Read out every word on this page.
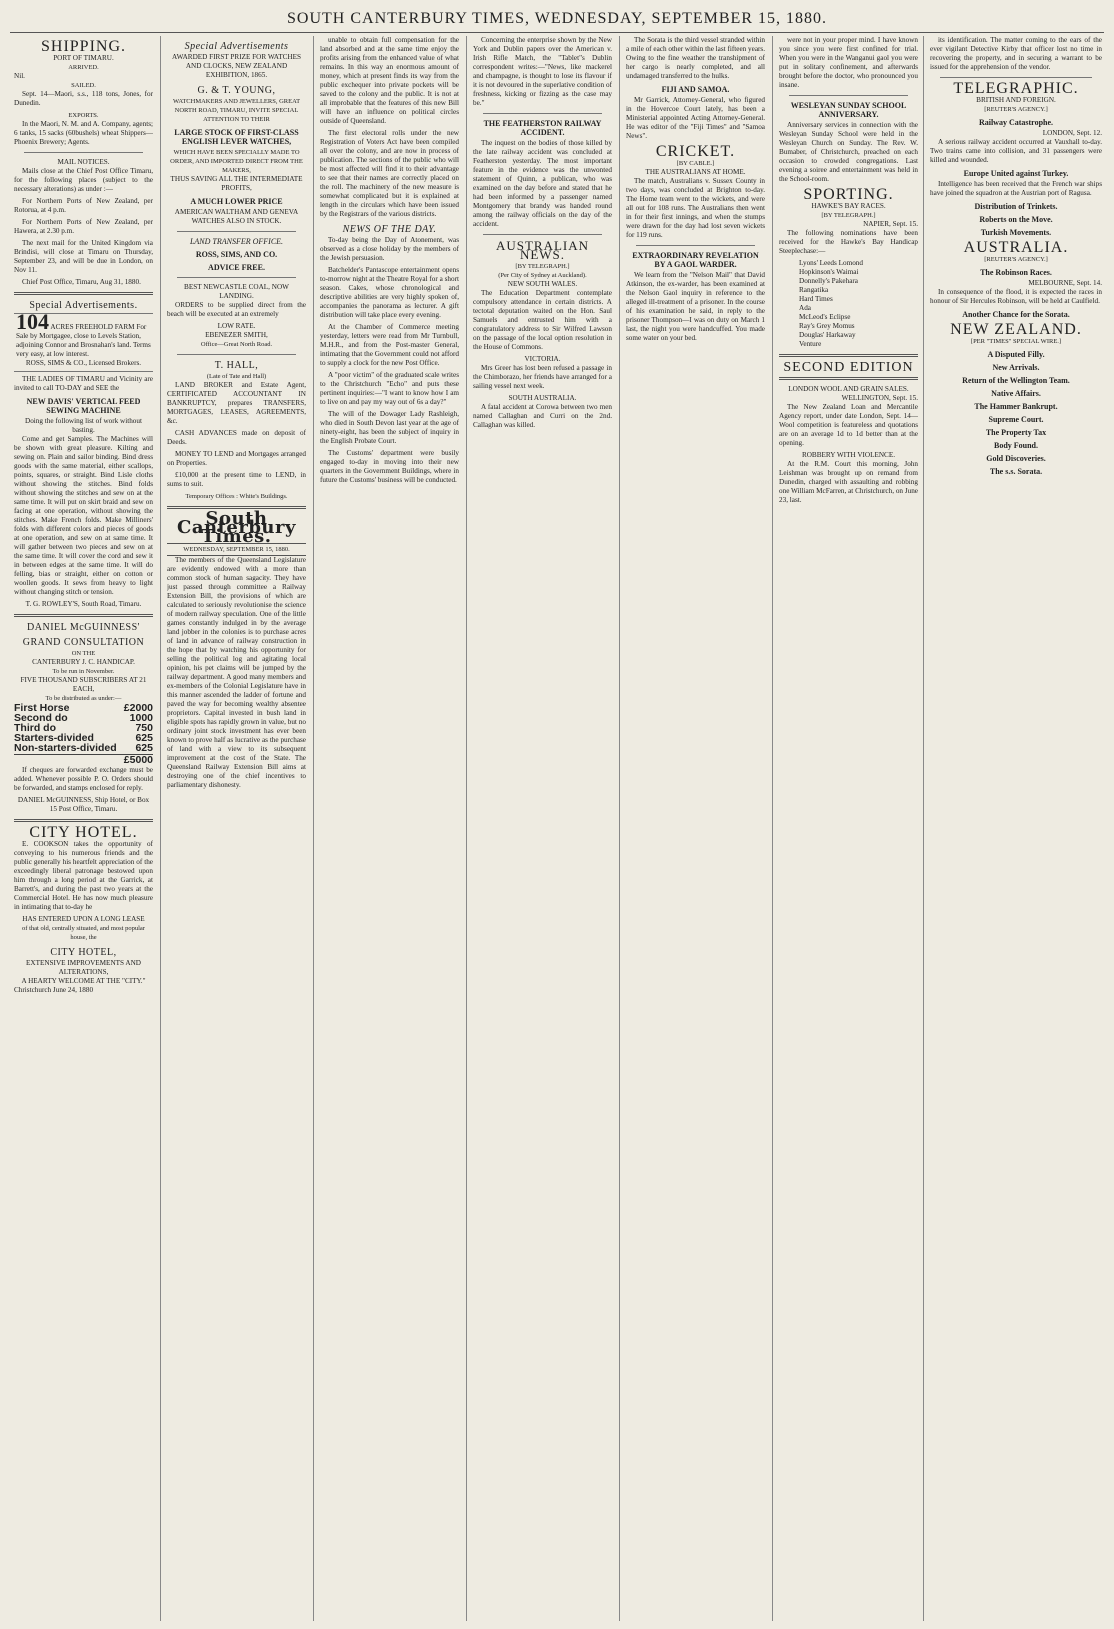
SOUTH CANTERBURY TIMES, WEDNESDAY, SEPTEMBER 15, 1880.
SHIPPING.
PORT OF TIMARU.
ARRIVED.
Nil.
SAILED.

Sept. 14—Maori, s.s., 118 tons, Jones, for Dunedin.

EXPORTS.

In the Maori, N. M. and A. Company, agents; 6 tanks, 15 sacks (60bushels) wheat Shippers—Phoenix Brewery; Agents.

MAIL NOTICES.

Mails close at the Chief Post Office Timaru, for the following places (subject to the necessary alterations) as under :—

For Northern Ports of New Zealand, per Rotorua, at 4 p.m.

For Northern Ports of New Zealand, per Hawera, at 2.30 p.m.

The next mail for the United Kingdom via Brindisi, will close at Timaru on Thursday, September 23, and will be due in London, on Nov 11.

Chief Post Office, Timaru, Aug 31, 1880.

Special Advertisements.
104 ACRES FREEHOLD FARM For Sale by Mortgagee, close to Levels Station, adjoining Connor and Brosnahan's land. Terms very easy, at low interest.
ROSS, SIMS & CO., Licensed Brokers.

THE LADIES OF TIMARU and Vicinity are invited to call TO-DAY and SEE the

NEW DAVIS' VERTICAL FEED SEWING MACHINE
Doing the following list of work without basting.

Come and get Samples. The Machines will be shown with great pleasure. Kilting and sewing on. Plain and sailor binding. Bind dress goods with the same material, either scallops, points, squares, or straight. Bind Lisle cloths without showing the stitches. Bind folds without showing the stitches and sew on at the same time. It will put on skirt braid and sew on facing at one operation, without showing the stitches. Make French folds. Make Milliners' folds with different colors and pieces of goods at one operation, and sew on at same time. It will gather between two pieces and sew on at the same time. It will cover the cord and sew it in between edges at the same time. It will do felling, bias or straight, either on cotton or woollen goods. It sews from heavy to light without changing stitch or tension.

T. G. ROWLEY'S, South Road, Timaru.
DANIEL McGUINNESS'
GRAND CONSULTATION
ON THE
CANTERBURY J. C. HANDICAP.
To be run in November.
FIVE THOUSAND SUBSCRIBERS AT 21 EACH,
To be distributed as under:—
First Horse	£2000
Second do	1000
Third do	750
Starters-divided	625
Non-starters-divided 625
£5000

If cheques are forwarded exchange must be added. Whenever possible P. O. Orders should be forwarded, and stamps enclosed for reply.

DANIEL McGUINNESS, Ship Hotel, or Box 15 Post Office, Timaru.
CITY HOTEL.

E. COOKSON takes the opportunity of conveying to his numerous friends and the public generally his heartfelt appreciation of the exceedingly liberal patronage bestowed upon him through a long period at the Garrick, at Barrett's, and during the past two years at the Commercial Hotel. He has now much pleasure in intimating that to-day he

HAS ENTERED UPON A LONG LEASE
of that old, centrally situated, and most popular house, the
CITY HOTEL,
EXTENSIVE IMPROVEMENTS AND ALTERATIONS,
A HEARTY WELCOME AT THE "CITY."
Christchurch June 24, 1880
Special Advertisements
AWARDED FIRST PRIZE FOR WATCHES AND CLOCKS, NEW ZEALAND EXHIBITION, 1865.
G. & T. YOUNG,
WATCHMAKERS AND JEWELLERS, GREAT NORTH ROAD, TIMARU, INVITE SPECIAL ATTENTION TO THEIR
LARGE STOCK OF FIRST-CLASS ENGLISH LEVER WATCHES,
WHICH HAVE BEEN SPECIALLY MADE TO ORDER, AND IMPORTED DIRECT FROM THE MAKERS,
THUS SAVING ALL THE INTERMEDIATE PROFITS,
A MUCH LOWER PRICE
AMERICAN WALTHAM AND GENEVA WATCHES ALSO IN STOCK.
LAND TRANSFER OFFICE.
ROSS, SIMS, AND CO.
ADVICE FREE.
BEST NEWCASTLE COAL, NOW LANDING.

ORDERS to be supplied direct from the beach will be executed at an extremely

LOW RATE.
EBENEZER SMITH,
Office—Great North Road.
T. HALL,
(Late of Tate and Hall)

LAND BROKER and Estate Agent, CERTIFICATED ACCOUNTANT IN BANKRUPTCY, prepares TRANSFERS, MORTGAGES, LEASES, AGREEMENTS, &c.

CASH ADVANCES made on deposit of Deeds.

MONEY TO LEND and Mortgages arranged on Properties.

£10,000 at the present time to LEND, in sums to suit.

Temporary Offices : White's Buildings.
South Canterbury Times.
WEDNESDAY, SEPTEMBER 15, 1880.

The members of the Queensland Legislature are evidently endowed with a more than common stock of human sagacity. They have just passed through committee a Railway Extension Bill, the provisions of which are calculated to seriously revolutionise the science of modern railway speculation. One of the little games constantly indulged in by the average land jobber in the colonies is to purchase acres of land in advance of railway construction in the hope that by watching his opportunity for selling the political log and agitating local opinion, his pet claims will be jumped by the railway department. A good many members and ex-members of the Colonial Legislature have in this manner ascended the ladder of fortune and paved the way for becoming wealthy absentee proprietors. Capital invested in bush land in eligible spots has rapidly grown in value, but no ordinary joint stock investment has ever been known to prove half as lucrative as the purchase of land with a view to its subsequent improvement at the cost of the State. The Queensland Railway Extension Bill aims at destroying one of the chief incentives to parliamentary dishonesty.

unable to obtain full compensation for the land absorbed and at the same time enjoy the profits arising from the enhanced value of what remains. In this way an enormous amount of money, which at present finds its way from the public exchequer into private pockets will be saved to the colony and the public. It is not at all improbable that the features of this new Bill will have an influence on political circles outside of Queensland.

The first electoral rolls under the new Registration of Voters Act have been compiled all over the colony, and are now in process of publication. The sections of the public who will be most affected will find it to their advantage to see that their names are correctly placed on the roll. The machinery of the new measure is somewhat complicated but it is explained at length in the circulars which have been issued by the Registrars of the various districts.

NEWS OF THE DAY.

To-day being the Day of Atonement, was observed as a close holiday by the members of the Jewish persuasion.

Batchelder's Pantascope entertainment opens to-morrow night at the Theatre Royal for a short season. Cakes, whose chronological and descriptive abilities are very highly spoken of, accompanies the panorama as lecturer. A gift distribution will take place every evening.

At the Chamber of Commerce meeting yesterday, letters were read from Mr Turnbull, M.H.R., and from the Post-master General, intimating that the Government could not afford to supply a clock for the new Post Office.

A "poor victim" of the graduated scale writes to the Christchurch "Echo" and puts these pertinent inquiries:—"I want to know how I am to live on and pay my way out of 6s a day?"

The will of the Dowager Lady Rashleigh, who died in South Devon last year at the age of ninety-eight, has been the subject of inquiry in the English Probate Court.

The Customs' department were busily engaged to-day in moving into their new quarters in the Government Buildings, where in future the Customs' business will be conducted.

Concerning the enterprise shown by the New York and Dublin papers over the American v. Irish Rifle Match, the "Tablet"s Dublin correspondent writes:—"News, like mackerel and champagne, is thought to lose its flavour if it is not devoured in the superlative condition of freshness, kicking or fizzing as the case may be."

THE FEATHERSTON RAILWAY ACCIDENT.

The inquest on the bodies of those killed by the late railway accident was concluded at Featherston yesterday. The most important feature in the evidence was the unwonted statement of Quinn, a publican, who was examined on the day before and stated that he had been informed by a passenger named Montgomery that brandy was handed round among the railway officials on the day of the accident.

AUSTRALIAN NEWS.
[BY TELEGRAPH.]
(Per City of Sydney at Auckland).
NEW SOUTH WALES.

The Education Department contemplate compulsory attendance in certain districts. A tectotal deputation waited on the Hon. Saul Samuels and entrusted him with a congratulatory address to Sir Wilfred Lawson on the passage of the local option resolution in the House of Commons.

VICTORIA.

Mrs Greer has lost been refused a passage in the Chimborazo, her friends have arranged for a sailing vessel next week.

SOUTH AUSTRALIA.

A fatal accident at Corowa between two men named Callaghan and Curri on the 2nd. Callaghan was killed.

The Sorata is the third vessel stranded within a mile of each other within the last fifteen years. Owing to the fine weather the transhipment of her cargo is nearly completed, and all undamaged transferred to the hulks.

FIJI AND SAMOA.

Mr Garrick, Attorney-General, who figured in the Hovercoe Court lately, has been a Ministerial appointed Acting Attorney-General. He was editor of the "Fiji Times" and "Samoa News".

CRICKET.
[BY CABLE.]
THE AUSTRALIANS AT HOME.

The match, Australians v. Sussex County in two days, was concluded at Brighton to-day. The Home team went to the wickets, and were all out for 108 runs. The Australians then went in for their first innings, and when the stumps were drawn for the day had lost seven wickets for 119 runs.

EXTRAORDINARY REVELATION BY A GAOL WARDER.

We learn from the "Nelson Mail" that David Atkinson, the ex-warder, has been examined at the Nelson Gaol inquiry in reference to the alleged ill-treatment of a prisoner. In the course of his examination he said, in reply to the prisoner Thompson—I was on duty on March 1 last, the night you were handcuffed. You made some water on your bed.

were not in your proper mind. I have known you since you were first confined for trial. When you were in the Wanganui gaol you were put in solitary confinement, and afterwards brought before the doctor, who pronounced you insane.

WESLEYAN SUNDAY SCHOOL ANNIVERSARY.

Anniversary services in connection with the Wesleyan Sunday School were held in the Wesleyan Church on Sunday. The Rev. W. Bumaber, of Christchurch, preached on each occasion to crowded congregations. Last evening a soiree and entertainment was held in the School-room.

SPORTING.
HAWKE'S BAY RACES.
[BY TELEGRAPH.]
NAPIER, Sept. 15.

The following nominations have been received for the Hawke's Bay Handicap Steeplechase:—

Lyons' Leeds Lomond
Hopkinson's Waimai
Donnelly's Pakehara
Rangatika
Hard Times
Ada
McLeod's Eclipse
Ray's Grey Momus
Douglas' Harkaway
Venture
SECOND EDITION
LONDON WOOL AND GRAIN SALES.
WELLINGTON, Sept. 15.

The New Zealand Loan and Mercantile Agency report, under date London, Sept. 14—Wool competition is featureless and quotations are on an average 1d to 1d better than at the opening.

ROBBERY WITH VIOLENCE.

At the R.M. Court this morning, John Leishman was brought up on remand from Dunedin, charged with assaulting and robbing one William McFarren, at Christchurch, on June 23, last.

its identification. The matter coming to the ears of the ever vigilant Detective Kirby that officer lost no time in recovering the property, and in securing a warrant to be issued for the apprehension of the vendor.

TELEGRAPHIC.
BRITISH AND FOREIGN.
[REUTER'S AGENCY.]
Railway Catastrophe.
LONDON, Sept. 12.

A serious railway accident occurred at Vauxhall to-day. Two trains came into collision, and 31 passengers were killed and wounded.

Europe United against Turkey.

Intelligence has been received that the French war ships have joined the squadron at the Austrian port of Ragusa.

Distribution of Trinkets.
Roberts on the Move.
Turkish Movements.
AUSTRALIA.
[REUTER'S AGENCY.]
The Robinson Races.
MELBOURNE, Sept. 14.

In consequence of the flood, it is expected the races in honour of Sir Hercules Robinson, will be held at Caulfield.

Another Chance for the Sorata.
NEW ZEALAND.
[PER "TIMES" SPECIAL WIRE.]
A Disputed Filly.
New Arrivals.
Return of the Wellington Team.
Native Affairs.
The Hammer Bankrupt.
Supreme Court.
The Property Tax
Body Found.
Gold Discoveries.
The s.s. Sorata.
